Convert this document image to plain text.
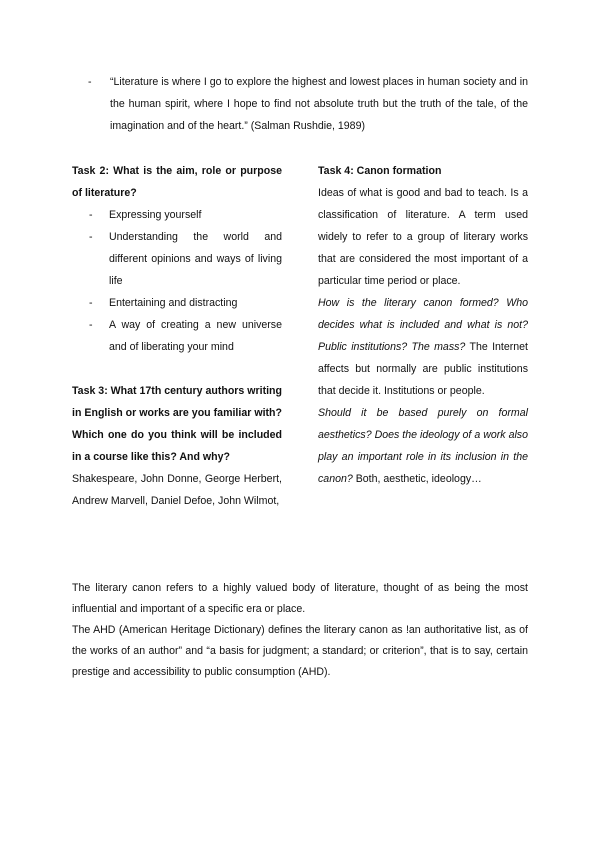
- “Literature is where I go to explore the highest and lowest places in human society and in the human spirit, where I hope to find not absolute truth but the truth of the tale, of the imagination and of the heart.” (Salman Rushdie, 1989)
Task 2: What is the aim, role or purpose of literature?
- Expressing yourself
- Understanding the world and different opinions and ways of living life
- Entertaining and distracting
- A way of creating a new universe and of liberating your mind
Task 3: What 17th century authors writing in English or works are you familiar with? Which one do you think will be included in a course like this? And why?
Shakespeare, John Donne, George Herbert, Andrew Marvell, Daniel Defoe, John Wilmot,
Task 4: Canon formation
Ideas of what is good and bad to teach. Is a classification of literature. A term used widely to refer to a group of literary works that are considered the most important of a particular time period or place.
How is the literary canon formed? Who decides what is included and what is not? Public institutions? The mass? The Internet affects but normally are public institutions that decide it. Institutions or people.
Should it be based purely on formal aesthetics? Does the ideology of a work also play an important role in its inclusion in the canon? Both, aesthetic, ideology…

The literary canon refers to a highly valued body of literature, thought of as being the most influential and important of a specific era or place.

The AHD (American Heritage Dictionary) defines the literary canon as !an authoritative list, as of the works of an author” and “a basis for judgment; a standard; or criterion”, that is to say, certain prestige and accessibility to public consumption (AHD).
